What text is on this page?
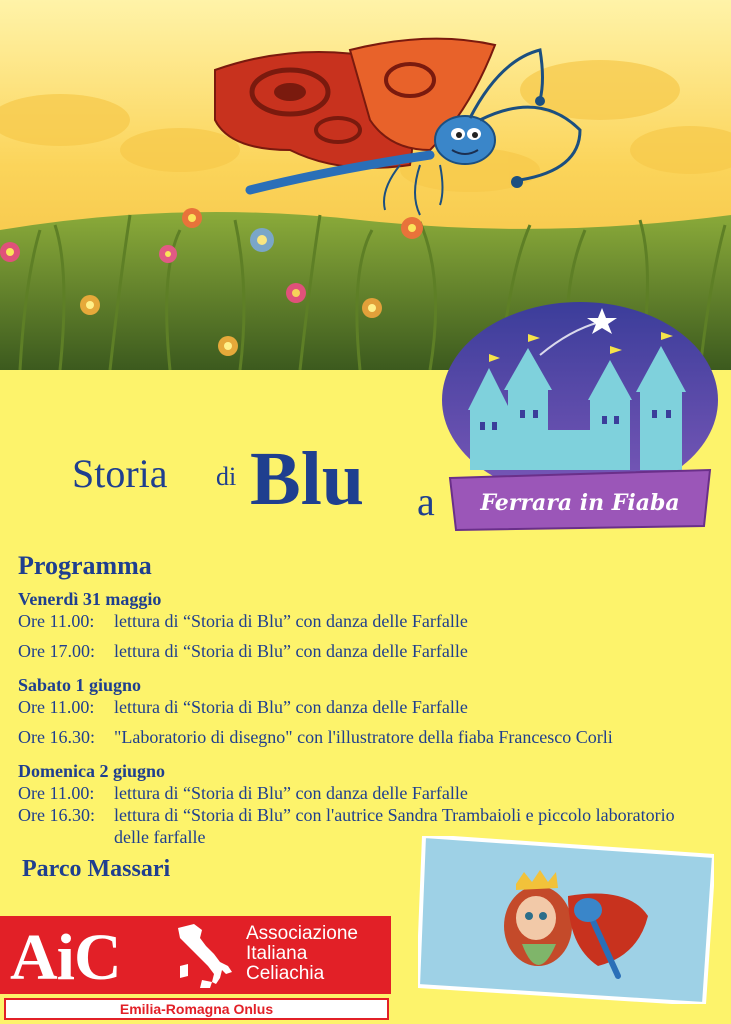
Ferrara in Fiaba
Storia di Blu a
Programma
Venerdì 31 maggio
Ore 11.00:	lettura di “Storia di Blu” con danza delle Farfalle
Ore 17.00:	lettura di “Storia di Blu” con danza delle Farfalle
Sabato 1 giugno
Ore 11.00:	lettura di “Storia di Blu” con danza delle Farfalle
Ore 16.30:	"Laboratorio di disegno" con l'illustratore della fiaba Francesco Corli
Domenica 2 giugno
Ore 11.00:	lettura di “Storia di Blu” con danza delle Farfalle
Ore 16.30:	lettura di “Storia di Blu” con l'autrice Sandra Trambaioli e piccolo laboratorio delle farfalle
Parco Massari
AiC	Associazione
Italiana
Celiachia
Emilia-Romagna Onlus
